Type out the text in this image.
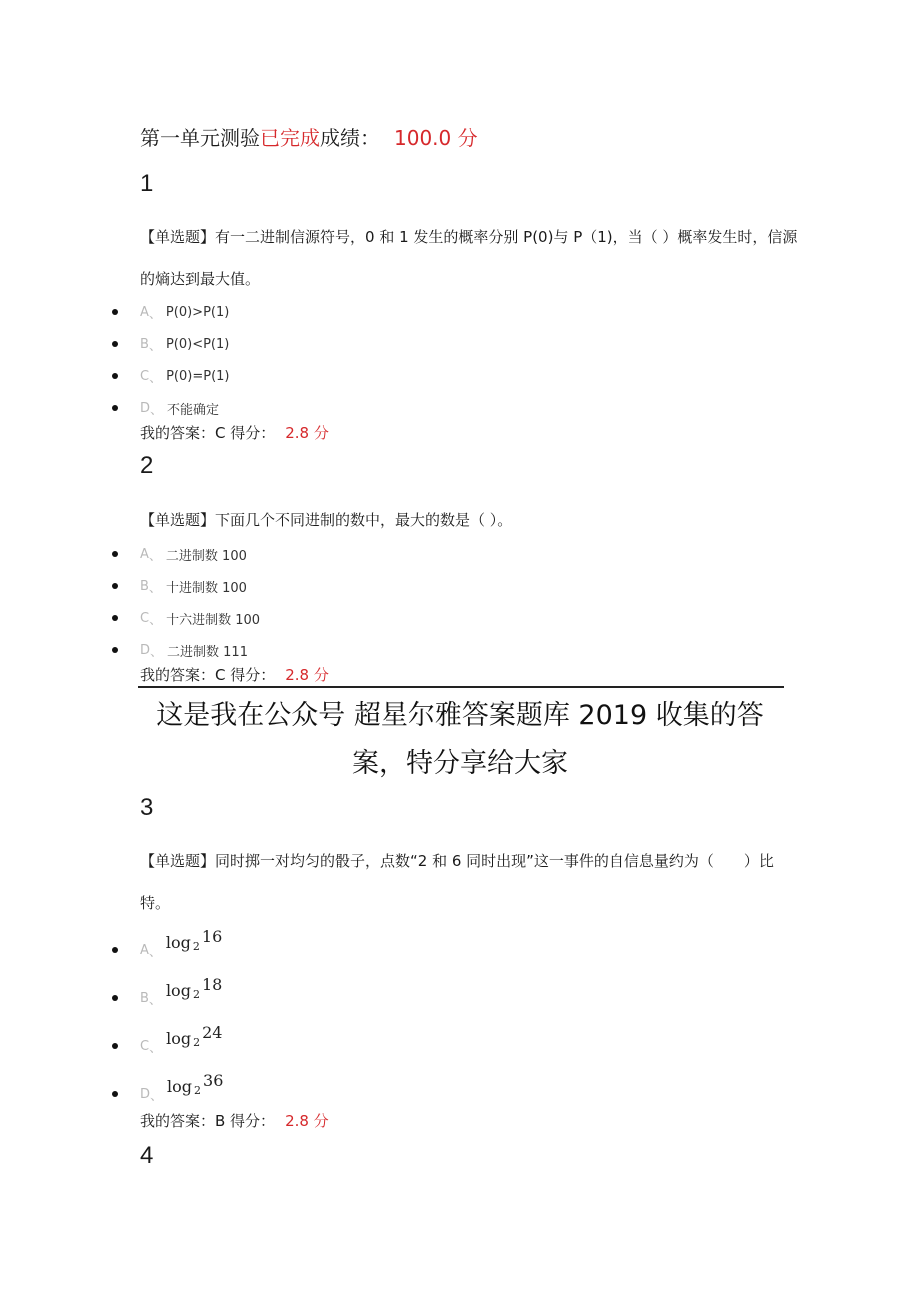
第一单元测验已完成成绩： 100.0 分
1
【单选题】有一二进制信源符号，0 和 1 发生的概率分别 P(0)与 P（1)，当（ ）概率发生时，信源的熵达到最大值。
A 、 P(0)>P(1)
B 、 P(0)<P(1)
C 、 P(0)=P(1)
D 、 不能确定
我的答案：C 得分： 2.8 分
2
【单选题】下面几个不同进制的数中，最大的数是（ ）。
A 、 二进制数 100
B 、 十进制数 100
C 、 十六进制数 100
D 、 二进制数 111
我的答案：C 得分： 2.8 分
这是我在公众号 超星尔雅答案题库 2019 收集的答
案，特分享给大家
3
【单选题】同时掷一对均匀的骰子，点数“2 和 6 同时出现”这一事件的自信息量约为（　　）比特。
A 、 log 2
16
B 、 log 2
18
C 、 log 2
24
D 、 log 2
36
我的答案：B 得分： 2.8 分
4
